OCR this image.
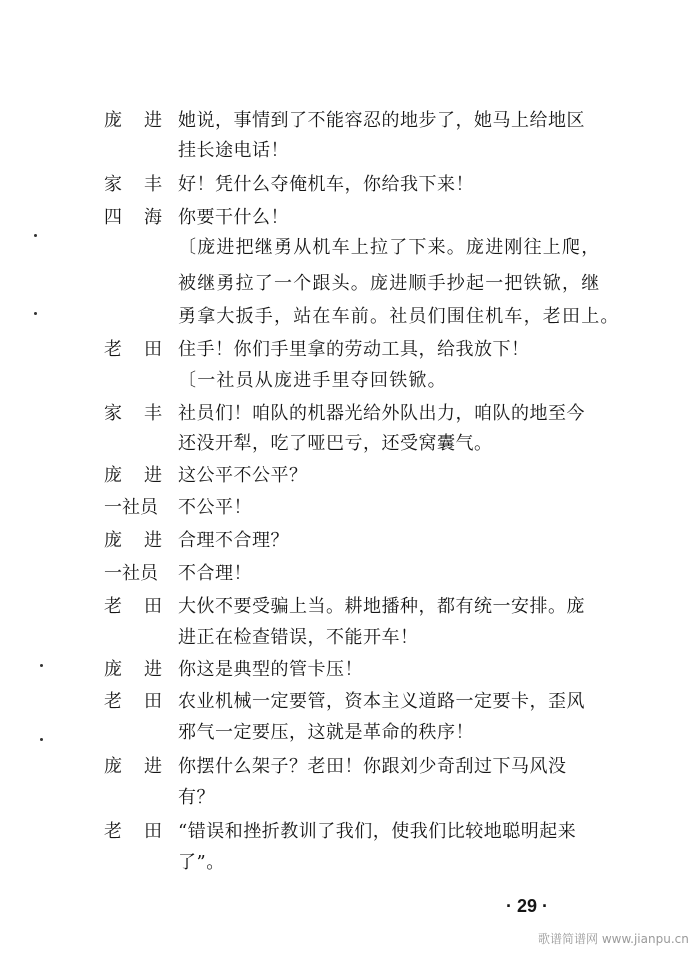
庞　进 她说，事情到了不能容忍的地步了，她马上给地区
挂长途电话！
家　丰 好！凭什么夺俺机车，你给我下来！
四　海 你要干什么！
〔庞进把继勇从机车上拉了下来。庞进刚往上爬，
被继勇拉了一个跟头。庞进顺手抄起一把铁锨，继
勇拿大扳手，站在车前。社员们围住机车，老田上。
老　田 住手！你们手里拿的劳动工具，给我放下！
〔一社员从庞进手里夺回铁锨。
家　丰 社员们！咱队的机器光给外队出力，咱队的地至今
还没开犁，吃了哑巴亏，还受窝囊气。
庞　进 这公平不公平？
一社员 不公平！
庞　进 合理不合理？
一社员 不合理！
老　田 大伙不要受骗上当。耕地播种，都有统一安排。庞
进正在检查错误，不能开车！
庞　进 你这是典型的管卡压！
老　田 农业机械一定要管，资本主义道路一定要卡，歪风
邪气一定要压，这就是革命的秩序！
庞　进 你摆什么架子？老田！你跟刘少奇刮过下马风没
有？
老　田 “错误和挫折教训了我们，使我们比较地聪明起来
了”。
· 29 ·
歌谱简谱网 www.jianpu.cn
